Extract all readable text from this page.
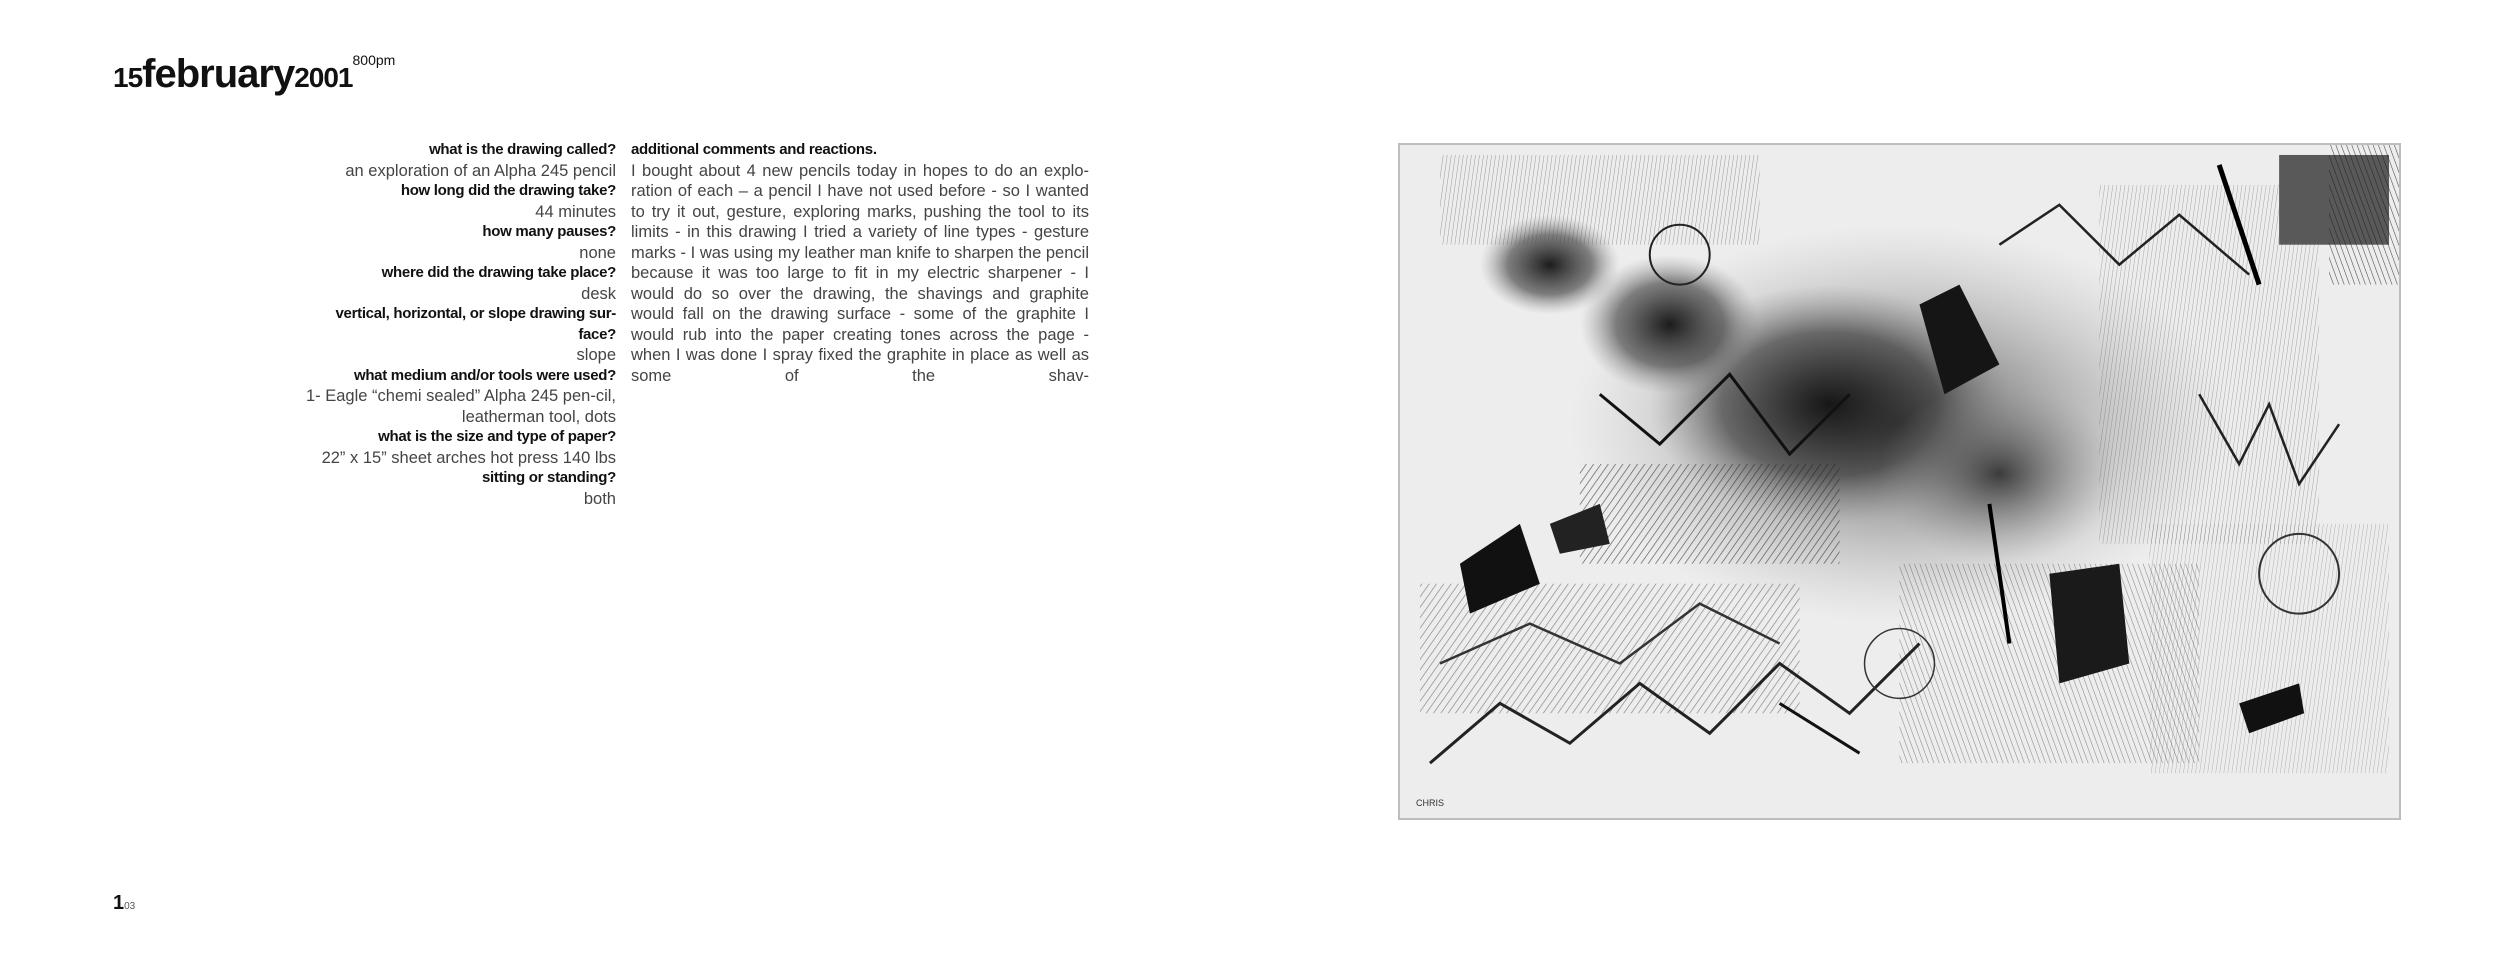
15february2001800pm
what is the drawing called?
an exploration of an Alpha 245 pencil
how long did the drawing take?
44 minutes
how many pauses?
none
where did the drawing take place?
desk
vertical, horizontal, or slope drawing sur-face?
slope
what medium and/or tools were used?
1- Eagle “chemi sealed” Alpha 245 pen-cil, leatherman tool, dots
what is the size and type of paper?
22” x 15” sheet arches hot press 140 lbs
sitting or standing?
both
additional comments and reactions.
I bought about 4 new pencils today in hopes to do an explo-ration of each – a pencil I have not used before - so I wanted to try it out, gesture, exploring marks, pushing the tool to its limits - in this drawing I tried a variety of line types - gesture marks - I was using my leather man knife to sharpen the pencil because it was too large to fit in my electric sharpener - I would do so over the drawing, the shavings and graphite would fall on the drawing surface - some of the graphite I would rub into the paper creating tones across the page - when I was done I spray fixed the graphite in place as well as some of the shav-
CHRIS
103
